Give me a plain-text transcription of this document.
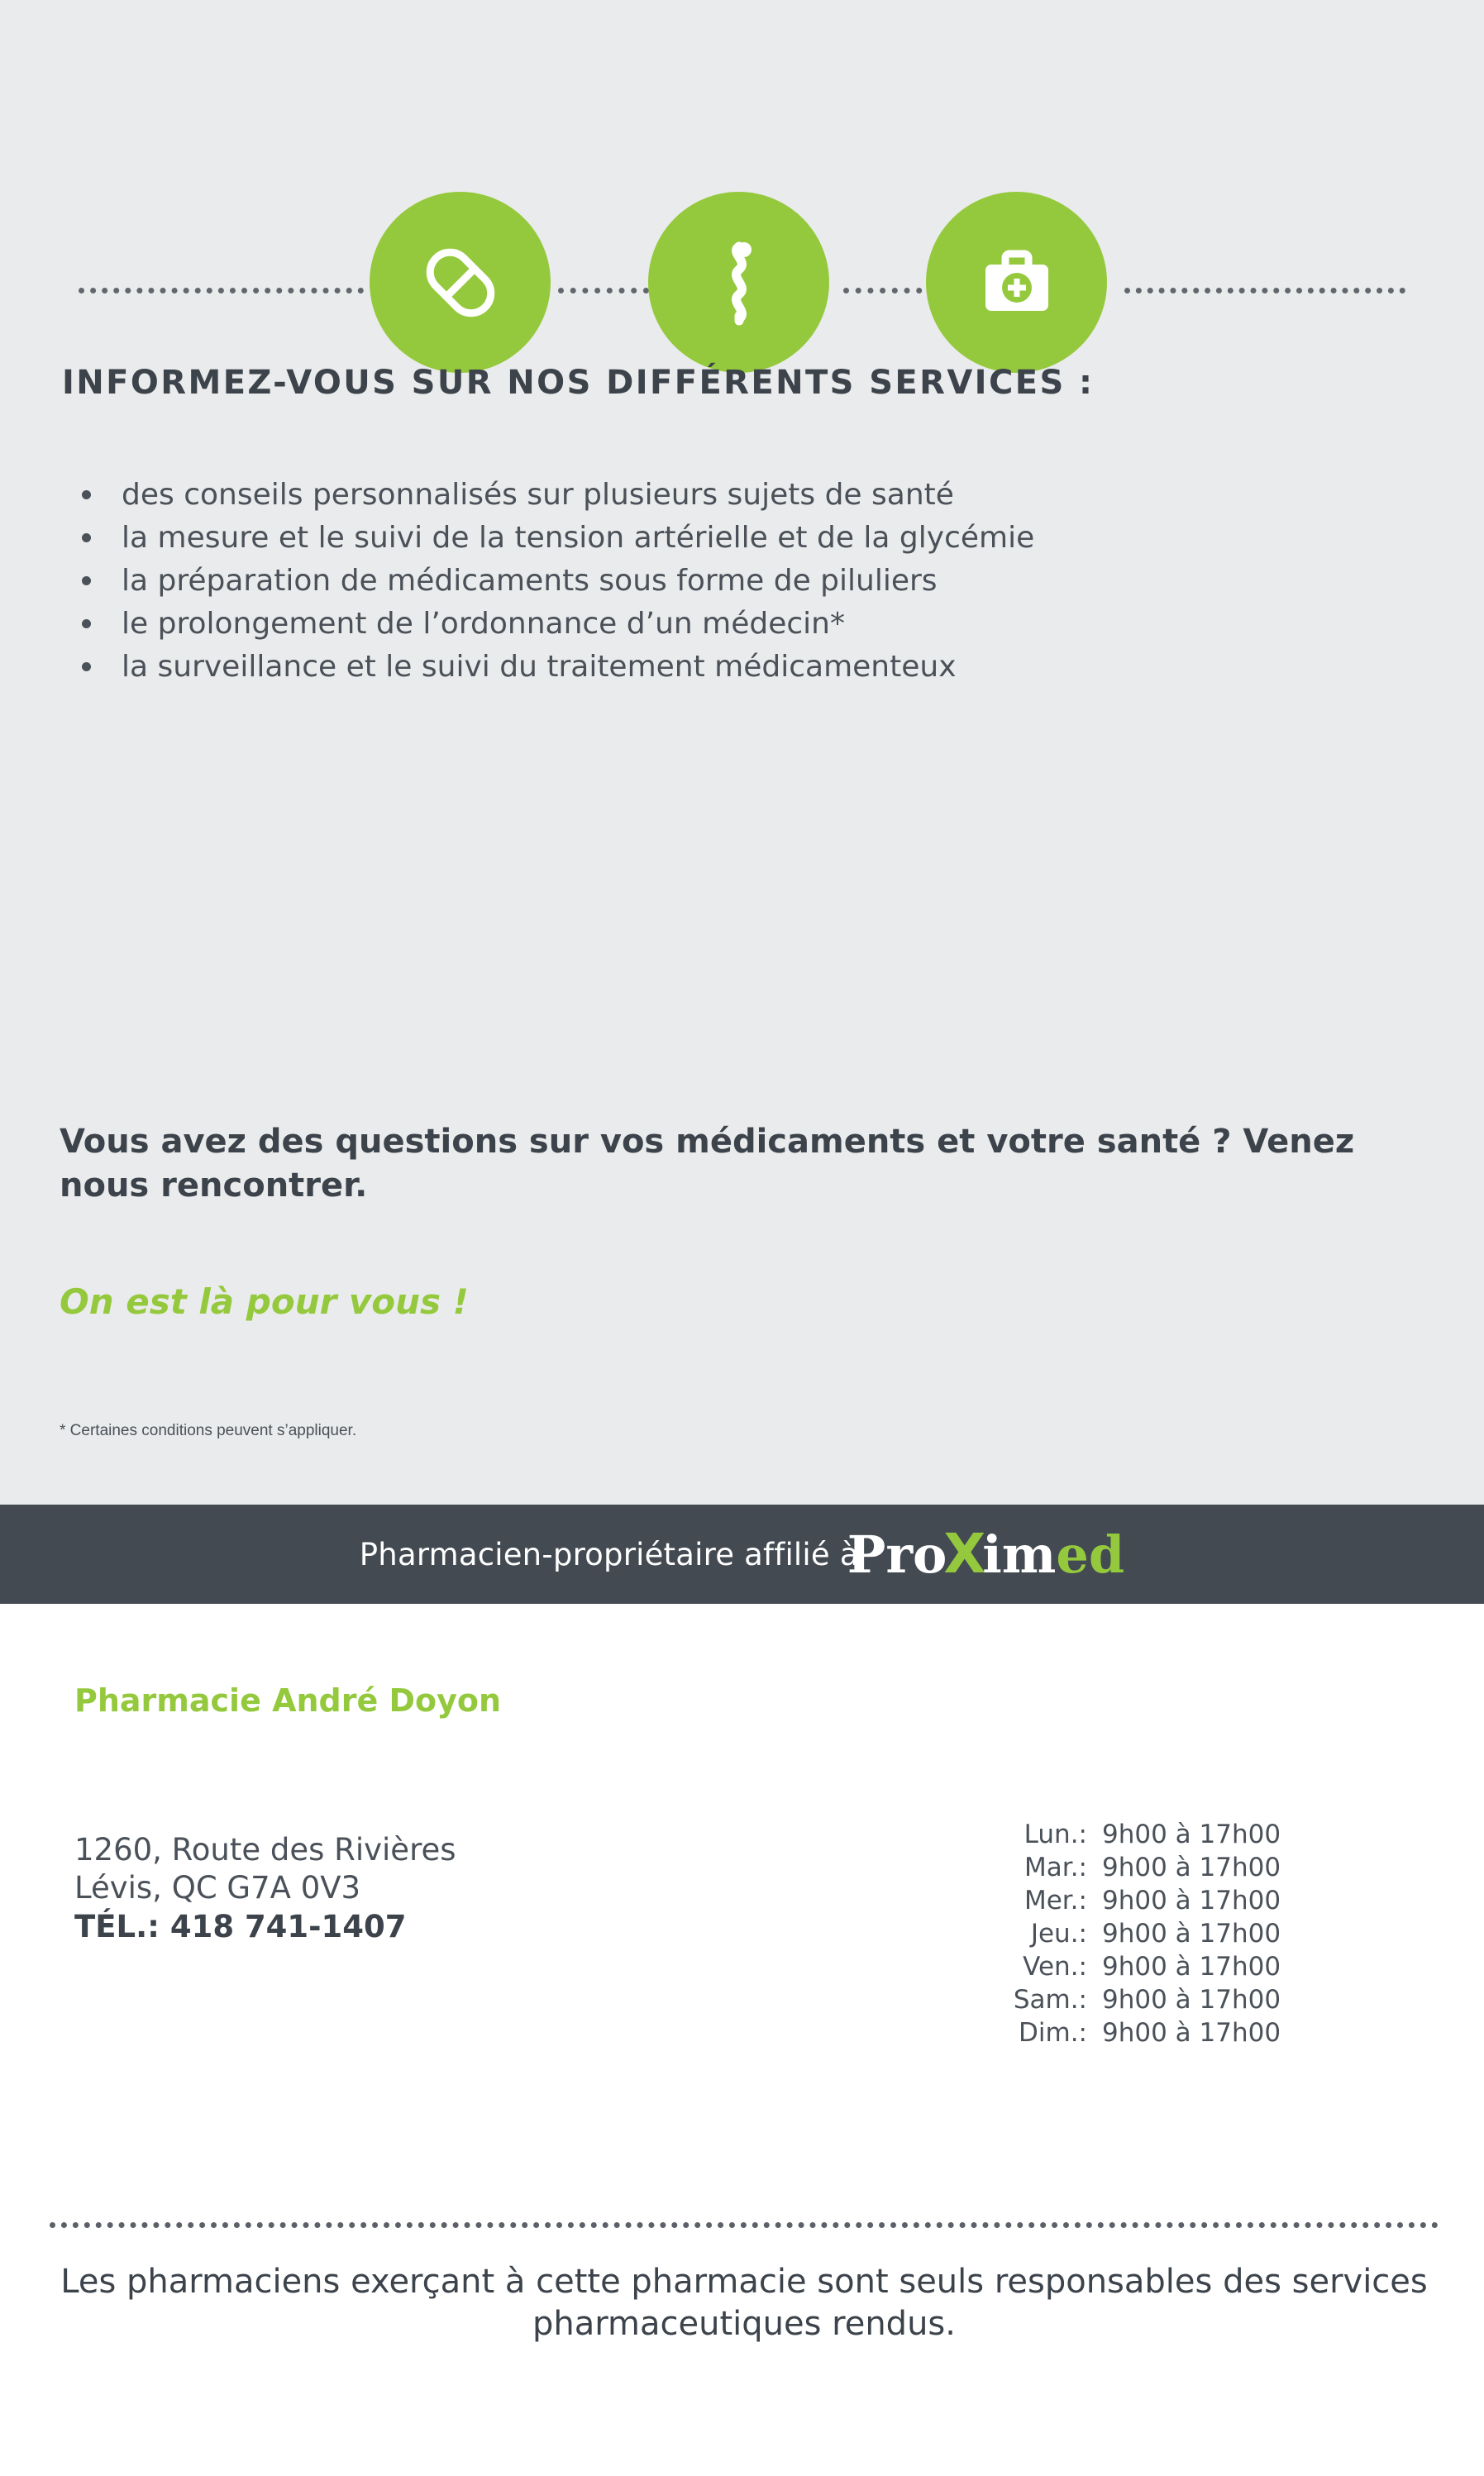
INFORMEZ-VOUS SUR NOS DIFFÉRENTS SERVICES :
des conseils personnalisés sur plusieurs sujets de santé
la mesure et le suivi de la tension artérielle et de la glycémie
la préparation de médicaments sous forme de piluliers
le prolongement de l’ordonnance d’un médecin*
la surveillance et le suivi du traitement médicamenteux
Vous avez des questions sur vos médicaments et votre santé ? Venez nous rencontrer.
On est là pour vous !
* Certaines conditions peuvent s’appliquer.
Pharmacien-propriétaire affilié à
Pro
X
im ed
Pharmacie André Doyon
1260, Route des Rivières
Lévis, QC G7A 0V3
TÉL.: 418 741-1407
Lun.: 9h00 à 17h00
Mar.: 9h00 à 17h00
Mer.: 9h00 à 17h00
Jeu.: 9h00 à 17h00
Ven.: 9h00 à 17h00
Sam.: 9h00 à 17h00
Dim.: 9h00 à 17h00
Les pharmaciens exerçant à cette pharmacie sont seuls responsables des services pharmaceutiques rendus.
